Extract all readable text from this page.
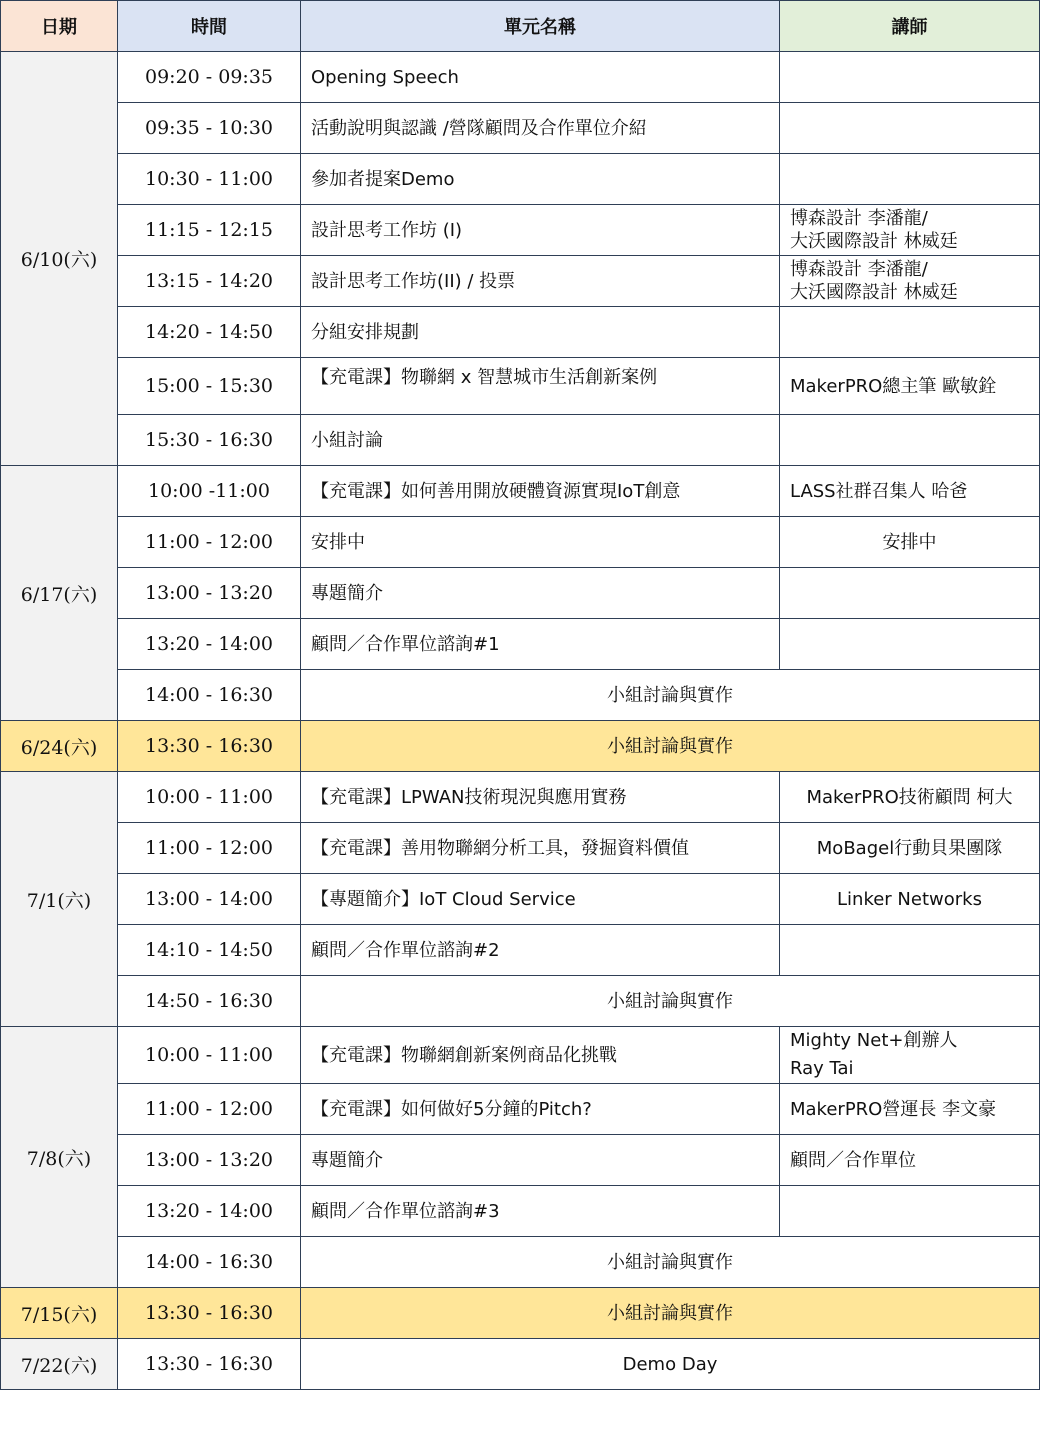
日期	時間	單元名稱	講師
6/10(六)	09:20 - 09:35	Opening Speech	
	09:35 - 10:30	活動說明與認識 /營隊顧問及合作單位介紹	
	10:30 - 11:00	參加者提案Demo	
	11:15 - 12:15	設計思考工作坊 (I)	博森設計 李潘龍/
大沃國際設計 林威廷

	13:15 - 14:20	設計思考工作坊(II) / 投票	博森設計 李潘龍/
大沃國際設計 林威廷

	14:20 - 14:50	分組安排規劃	
	15:00 - 15:30	【充電課】物聯網 x 智慧城市生活創新案例	MakerPRO總主筆 歐敏銓
	15:30 - 16:30	小組討論	
6/17(六)	10:00 -11:00	【充電課】如何善用開放硬體資源實現IoT創意	LASS社群召集人 哈爸
	11:00 - 12:00	安排中	安排中
	13:00 - 13:20	專題簡介	
	13:20 - 14:00	顧問／合作單位諮詢#1	
	14:00 - 16:30	小組討論與實作	
6/24(六)	13:30 - 16:30	小組討論與實作	
7/1(六)	10:00 - 11:00	【充電課】LPWAN技術現況與應用實務	MakerPRO技術顧問 柯大
	11:00 - 12:00	【充電課】善用物聯網分析工具，發掘資料價值	MoBagel行動貝果團隊
	13:00 - 14:00	【專題簡介】IoT Cloud Service	Linker Networks
	14:10 - 14:50	顧問／合作單位諮詢#2	
	14:50 - 16:30	小組討論與實作	
7/8(六)	10:00 - 11:00	【充電課】物聯網創新案例商品化挑戰	Mighty Net+創辦人
Ray Tai

	11:00 - 12:00	【充電課】如何做好5分鐘的Pitch?	MakerPRO營運長 李文豪
	13:00 - 13:20	專題簡介	顧問／合作單位
	13:20 - 14:00	顧問／合作單位諮詢#3	
	14:00 - 16:30	小組討論與實作	
7/15(六)	13:30 - 16:30	小組討論與實作	
7/22(六)	13:30 - 16:30	Demo Day	
